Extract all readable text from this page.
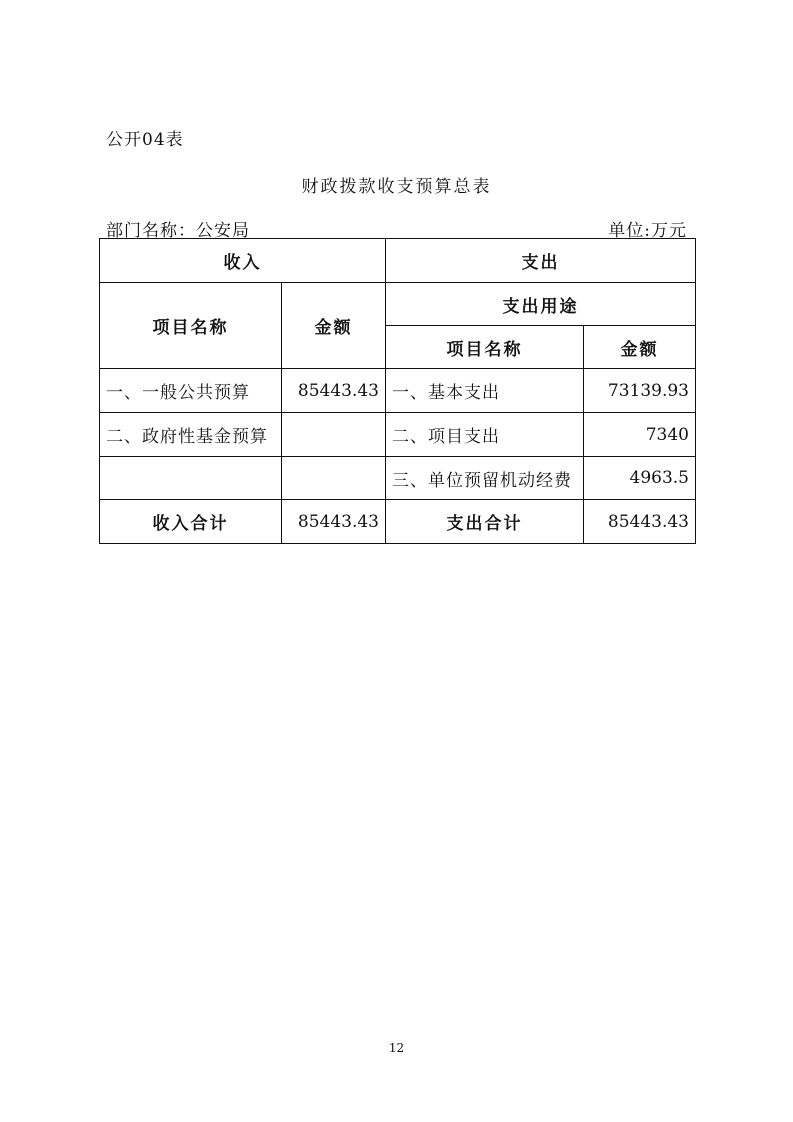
公开04表
财政拨款收支预算总表
部门名称：公安局	单位:万元
收入		支出	
项目名称	金额	支出用途	
		项目名称	金额
一、一般公共预算	85443.43	一、基本支出	73139.93
二、政府性基金预算		二、项目支出	7340
		三、单位预留机动经费	4963.5
收入合计	85443.43	支出合计	85443.43
12
